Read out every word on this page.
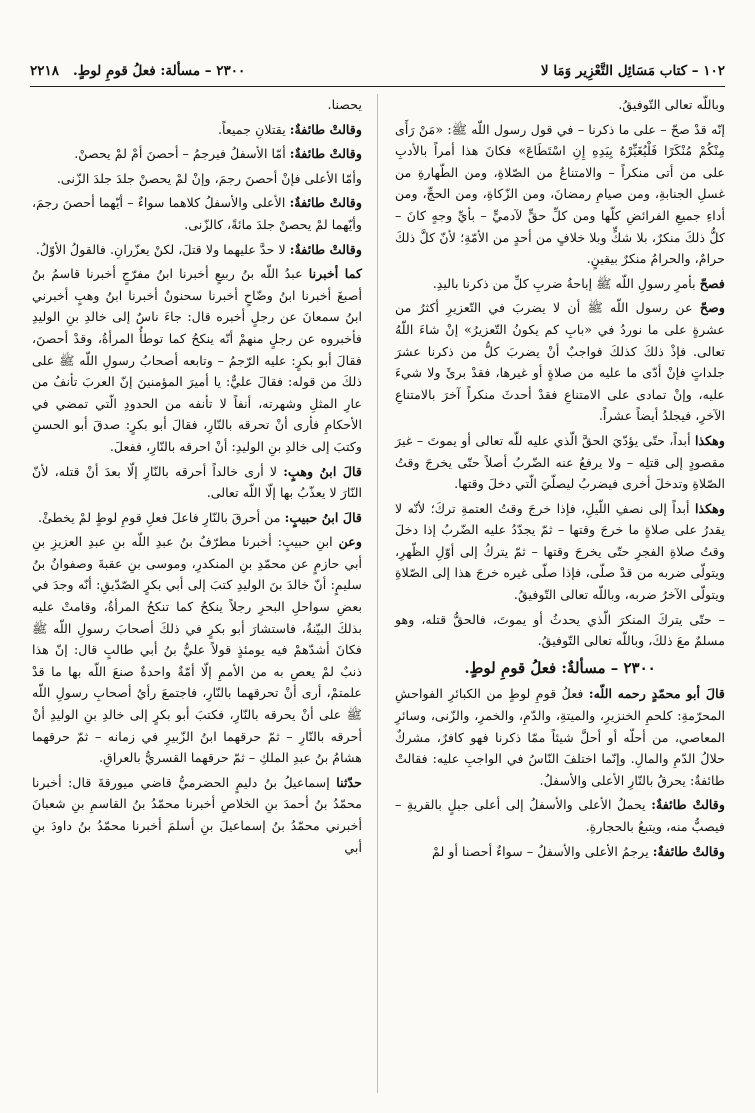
١٠٢ – كتاب مَسَائِل التَّعْزِير وَمَا لا
٢٣٠٠ – مسألة: فعلُ قومِ لوطٍ.
٢٢١٨

وباللّه تعالى التّوفيقُ.

إنّه قدْ صحّ – على ما ذكرنا – في قول رسول اللّه ﷺ: «مَنْ رَأَى مِنْكُمْ مُنْكَرًا فَلْيُغَيِّرْهُ بِيَدِهِ إِنِ اسْتَطَاعَ» فكانَ هذا أمراً بالأدبِ على من أتى منكراً – والامتناعُ من الصّلاةِ، ومن الطّهارةِ من غسلِ الجنابةِ، ومن صيامِ رمضانَ، ومن الزّكاةِ، ومن الحجِّ، ومن أداءِ جميعِ الفرائضِ كلّها ومن كلِّ حقٍّ لآدميٍّ – بأيِّ وجهٍ كانَ – كلُّ ذلكَ منكرٌ، بلا شكٍّ وبلا خلافٍ من أحدٍ من الأمّةِ؛ لأنّ كلَّ ذلكَ حرامٌ، والحرامُ منكرٌ بيقينٍ.

فصحّ بأمرِ رسولِ اللّه ﷺ إباحةُ ضربِ كلِّ من ذكرنا باليدِ.

وصحّ عن رسول اللّه ﷺ أن لا يضربَ في التّعزيرِ أكثرُ من عشرةٍ على ما نوردُ في «بابِ كم يكونُ التّعزيرُ» إنْ شاءَ اللّهُ تعالى. فإذْ ذلكَ كذلكَ فواجبٌ أنْ يضربَ كلُّ من ذكرنا عشرَ جلداتٍ فإنْ أدّى ما عليه من صلاةٍ أو غيرها، فقدْ برئَ ولا شيءَ عليه، وإنْ تمادى على الامتناعِ فقدْ أحدثَ منكراً آخرَ بالامتناعِ الآخرِ، فيجلدُ أيضاً عشراً.

وهكذا أبداً، حتّى يؤدّيَ الحقَّ الّذي عليه للّه تعالى أو يموتَ – غيرَ مقصودٍ إلى قتلِه – ولا يرفعُ عنه الضّربُ أصلاً حتّى يخرجَ وقتُ الصّلاةِ وتدخلَ أخرى فيضربُ ليصلّيَ الّتي دخلَ وقتها.

وهكذا أبداً إلى نصفِ اللّيلِ، فإذا خرجَ وقتُ العتمةِ تركَ؛ لأنّه لا يقدرُ على صلاةٍ ما خرجَ وقتها – ثمّ يجدّدُ عليه الضّربُ إذا دخلَ وقتُ صلاةِ الفجرِ حتّى يخرجَ وقتها – ثمّ يتركُ إلى أوّلِ الظّهرِ، ويتولّى ضربه من قدْ صلّى، فإذا صلّى غيره خرجَ هذا إلى الصّلاةِ ويتولّى الآخرُ ضربه، وباللّه تعالى التّوفيقُ.

– حتّى يتركَ المنكرَ الّذي يحدثُ أو يموتَ، فالحقُّ قتله، وهو مسلمٌ معَ ذلكَ، وباللّه تعالى التّوفيقُ.

٢٣٠٠ – مسألةٌ: فعلُ قومِ لوطٍ.

قالَ أبو محمّدٍ رحمه اللّه: فعلُ قومِ لوطٍ من الكبائرِ الفواحشِ المحرّمةِ: كلحمِ الخنزيرِ، والميتةِ، والدّمِ، والخمرِ، والزّنى، وسائرِ المعاصي، من أحلّه أو أحلَّ شيئاً ممّا ذكرنا فهو كافرٌ، مشركٌ حلالُ الدّمِ والمالِ. وإنّما اختلفَ النّاسُ في الواجبِ عليه: فقالتْ طائفةٌ: يحرقُ بالنّارِ الأعلى والأسفلُ.

وقالتْ طائفةٌ: يحملُ الأعلى والأسفلُ إلى أعلى جبلٍ بالقريةِ – فيصبُّ منه، ويتبعُ بالحجارةِ.

وقالتْ طائفةٌ: يرجمُ الأعلى والأسفلُ – سواءٌ أحصنا أو لمْ

يحصنا.

وقالتْ طائفةٌ: يقتلانِ جميعاً.

وقالتْ طائفةٌ: أمّا الأسفلُ فيرجمُ – أحصنَ أمْ لمْ يحصنْ.

وأمّا الأعلى فإنْ أحصنَ رجمَ، وإنْ لمْ يحصنْ جلدَ جلدَ الزّنى.

وقالتْ طائفةٌ: الأعلى والأسفلُ كلاهما سواءٌ – أيّهما أحصنَ رجمَ، وأيّهما لمْ يحصنْ جلدَ مائةً، كالزّنى.

وقالتْ طائفةٌ: لا حدَّ عليهما ولا قتلَ، لكنْ يعزّرانِ. فالقولُ الأوّلُ.

كما أخبرنا عبدُ اللّه بنُ ربيعٍ أخبرنا ابنُ مفرّجٍ أخبرنا قاسمُ بنُ أصبغَ أخبرنا ابنُ وضّاحٍ أخبرنا سحنونٌ أخبرنا ابنُ وهبٍ أخبرني ابنُ سمعانَ عن رجلٍ أخبره قال: جاءَ ناسٌ إلى خالدِ بنِ الوليدِ فأخبروه عن رجلٍ منهمْ أنّه ينكحُ كما توطأُ المرأةُ، وقدْ أحصنَ، فقالَ أبو بكرٍ: عليه الرّجمُ – وتابعه أصحابُ رسولِ اللّه ﷺ على ذلكَ من قوله: فقالَ عليٌّ: يا أميرَ المؤمنينَ إنّ العربَ تأنفُ من عارِ المثلِ وشهرته، أنفاً لا تأنفه من الحدودِ الّتي تمضي في الأحكامِ فأرى أنْ تحرقه بالنّارِ، فقالَ أبو بكرٍ: صدقَ أبو الحسنِ وكتبَ إلى خالدِ بنِ الوليدِ: أنْ احرقه بالنّارِ، ففعلَ.

قالَ ابنُ وهبٍ: لا أرى خالداً أحرقه بالنّارِ إلّا بعدَ أنْ قتله، لأنّ النّارَ لا يعذّبُ بها إلّا اللّه تعالى.

قالَ ابنُ حبيبٍ: من أحرقَ بالنّارِ فاعلَ فعلِ قومِ لوطٍ لمْ يخطئْ.

وعن ابنِ حبيبٍ: أخبرنا مطرّفُ بنُ عبدِ اللّه بنِ عبدِ العزيزِ بنِ أبي حازمٍ عن محمّدِ بنِ المنكدرِ، وموسى بنِ عقبةَ وصفوانُ بنُ سليمٍ: أنّ خالدَ بنَ الوليدِ كتبَ إلى أبي بكرٍ الصّدّيقِ: أنّه وجدَ في بعضِ سواحلِ البحرِ رجلاً ينكحُ كما تنكحُ المرأةُ، وقامتْ عليه بذلكَ البيّنةُ، فاستشارَ أبو بكرٍ في ذلكَ أصحابَ رسولِ اللّه ﷺ فكانَ أشدّهمْ فيه يومئذٍ قولاً عليُّ بنُ أبي طالبٍ قال: إنّ هذا ذنبٌ لمْ يعصِ به من الأممِ إلّا أمّةٌ واحدةٌ صنعَ اللّه بها ما قدْ علمتمْ، أرى أنْ تحرقهما بالنّارِ، فاجتمعَ رأيُ أصحابِ رسولِ اللّه ﷺ على أنْ يحرقه بالنّارِ، فكتبَ أبو بكرٍ إلى خالدِ بنِ الوليدِ أنْ أحرقه بالنّارِ – ثمّ حرقهما ابنُ الزّبيرِ في زمانه – ثمّ حرقهما هشامُ بنُ عبدِ الملكِ – ثمّ حرقهما القسريُّ بالعراقِ.

حدّثنا إسماعيلُ بنُ دليمٍ الحضرميُّ قاضي ميورقةَ قال: أخبرنا محمّدُ بنُ أحمدَ بنِ الخلاصِ أخبرنا محمّدُ بنُ القاسمِ بنِ شعبانَ أخبرني محمّدُ بنُ إسماعيلَ بنِ أسلمَ أخبرنا محمّدُ بنُ داودَ بنِ أبي
